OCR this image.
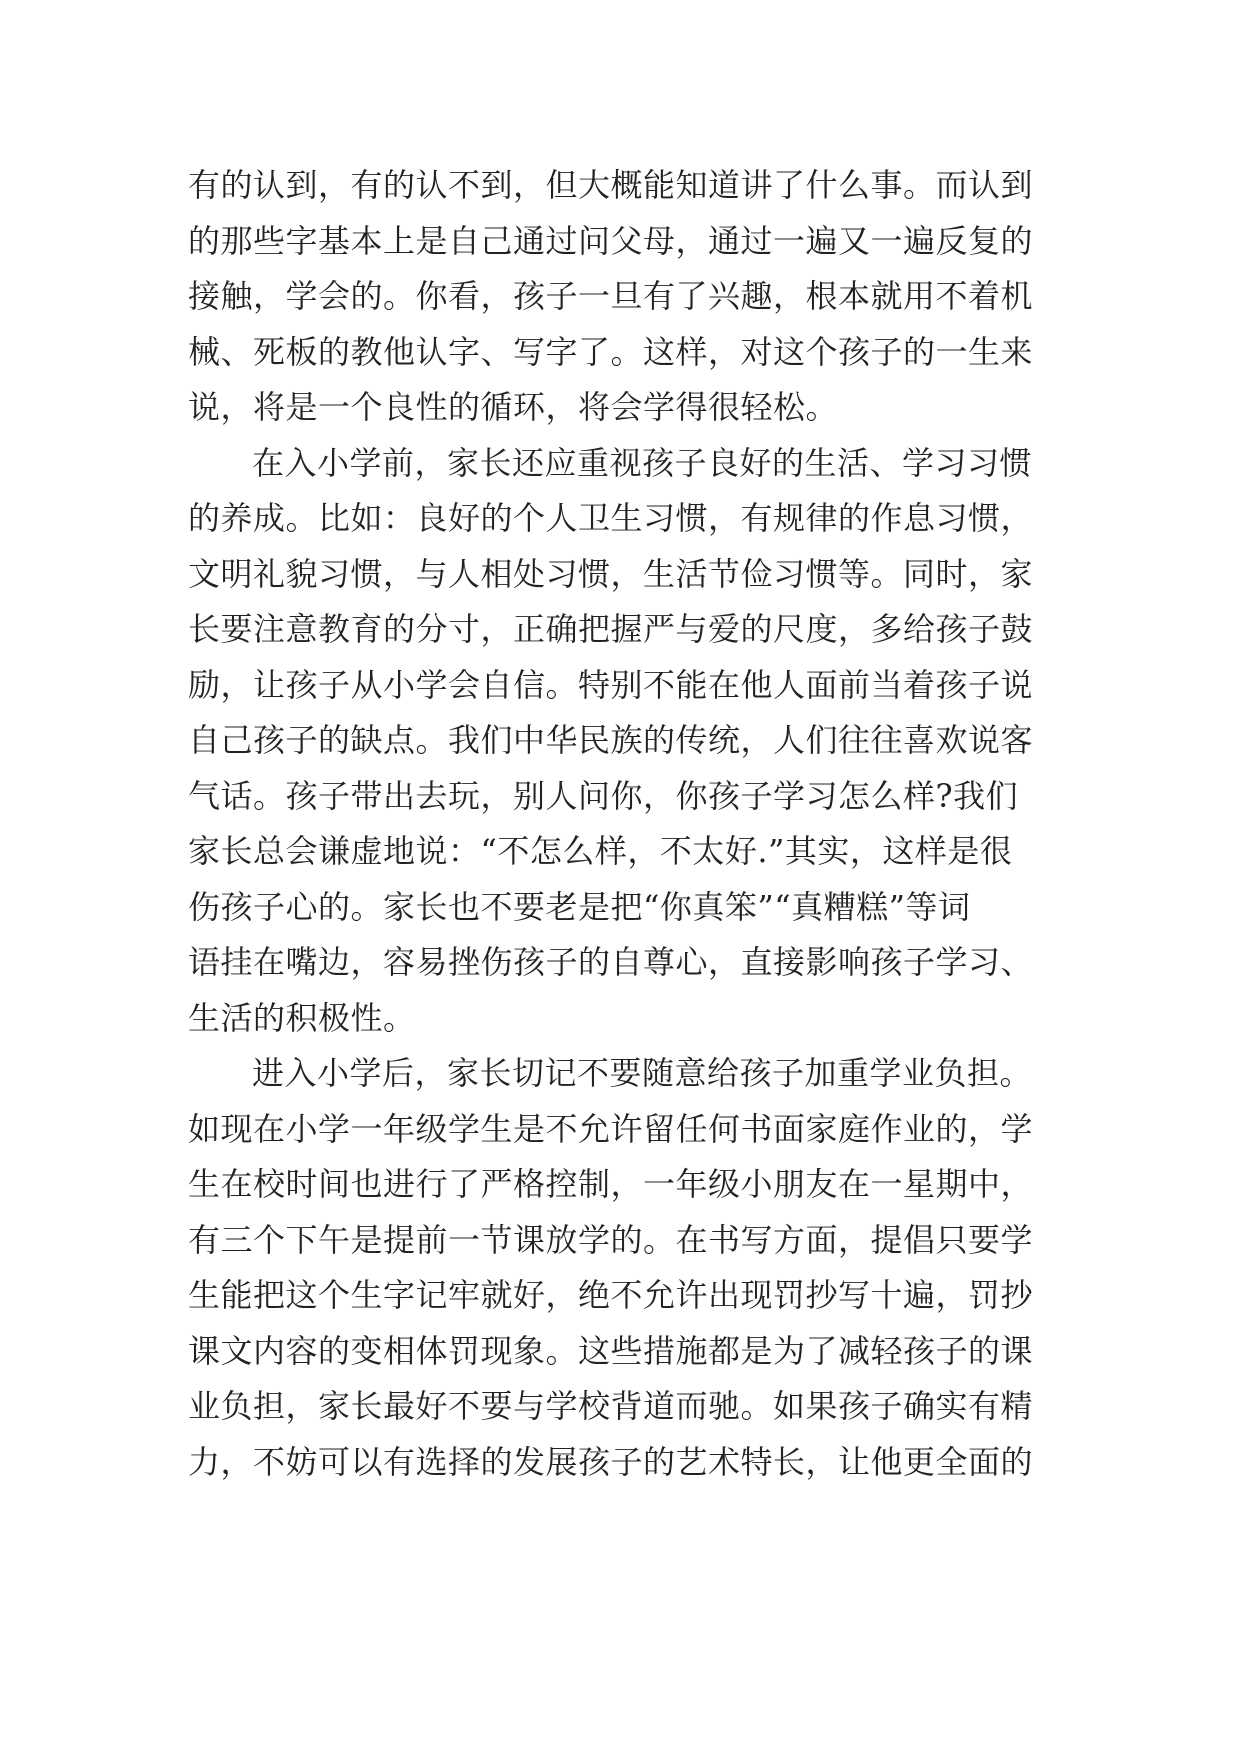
有的认到，有的认不到，但大概能知道讲了什么事。而认到
的那些字基本上是自己通过问父母，通过一遍又一遍反复的
接触，学会的。你看，孩子一旦有了兴趣，根本就用不着机
械、死板的教他认字、写字了。这样，对这个孩子的一生来
说，将是一个良性的循环，将会学得很轻松。
在入小学前，家长还应重视孩子良好的生活、学习习惯
的养成。比如：良好的个人卫生习惯，有规律的作息习惯，
文明礼貌习惯，与人相处习惯，生活节俭习惯等。同时，家
长要注意教育的分寸，正确把握严与爱的尺度，多给孩子鼓
励，让孩子从小学会自信。特别不能在他人面前当着孩子说
自己孩子的缺点。我们中华民族的传统，人们往往喜欢说客
气话。孩子带出去玩，别人问你，你孩子学习怎么样?我们
家长总会谦虚地说：“不怎么样，不太好.”其实，这样是很
伤孩子心的。家长也不要老是把“你真笨”“真糟糕”等词
语挂在嘴边，容易挫伤孩子的自尊心，直接影响孩子学习、
生活的积极性。
进入小学后，家长切记不要随意给孩子加重学业负担。
如现在小学一年级学生是不允许留任何书面家庭作业的，学
生在校时间也进行了严格控制，一年级小朋友在一星期中，
有三个下午是提前一节课放学的。在书写方面，提倡只要学
生能把这个生字记牢就好，绝不允许出现罚抄写十遍，罚抄
课文内容的变相体罚现象。这些措施都是为了减轻孩子的课
业负担，家长最好不要与学校背道而驰。如果孩子确实有精
力，不妨可以有选择的发展孩子的艺术特长，让他更全面的
